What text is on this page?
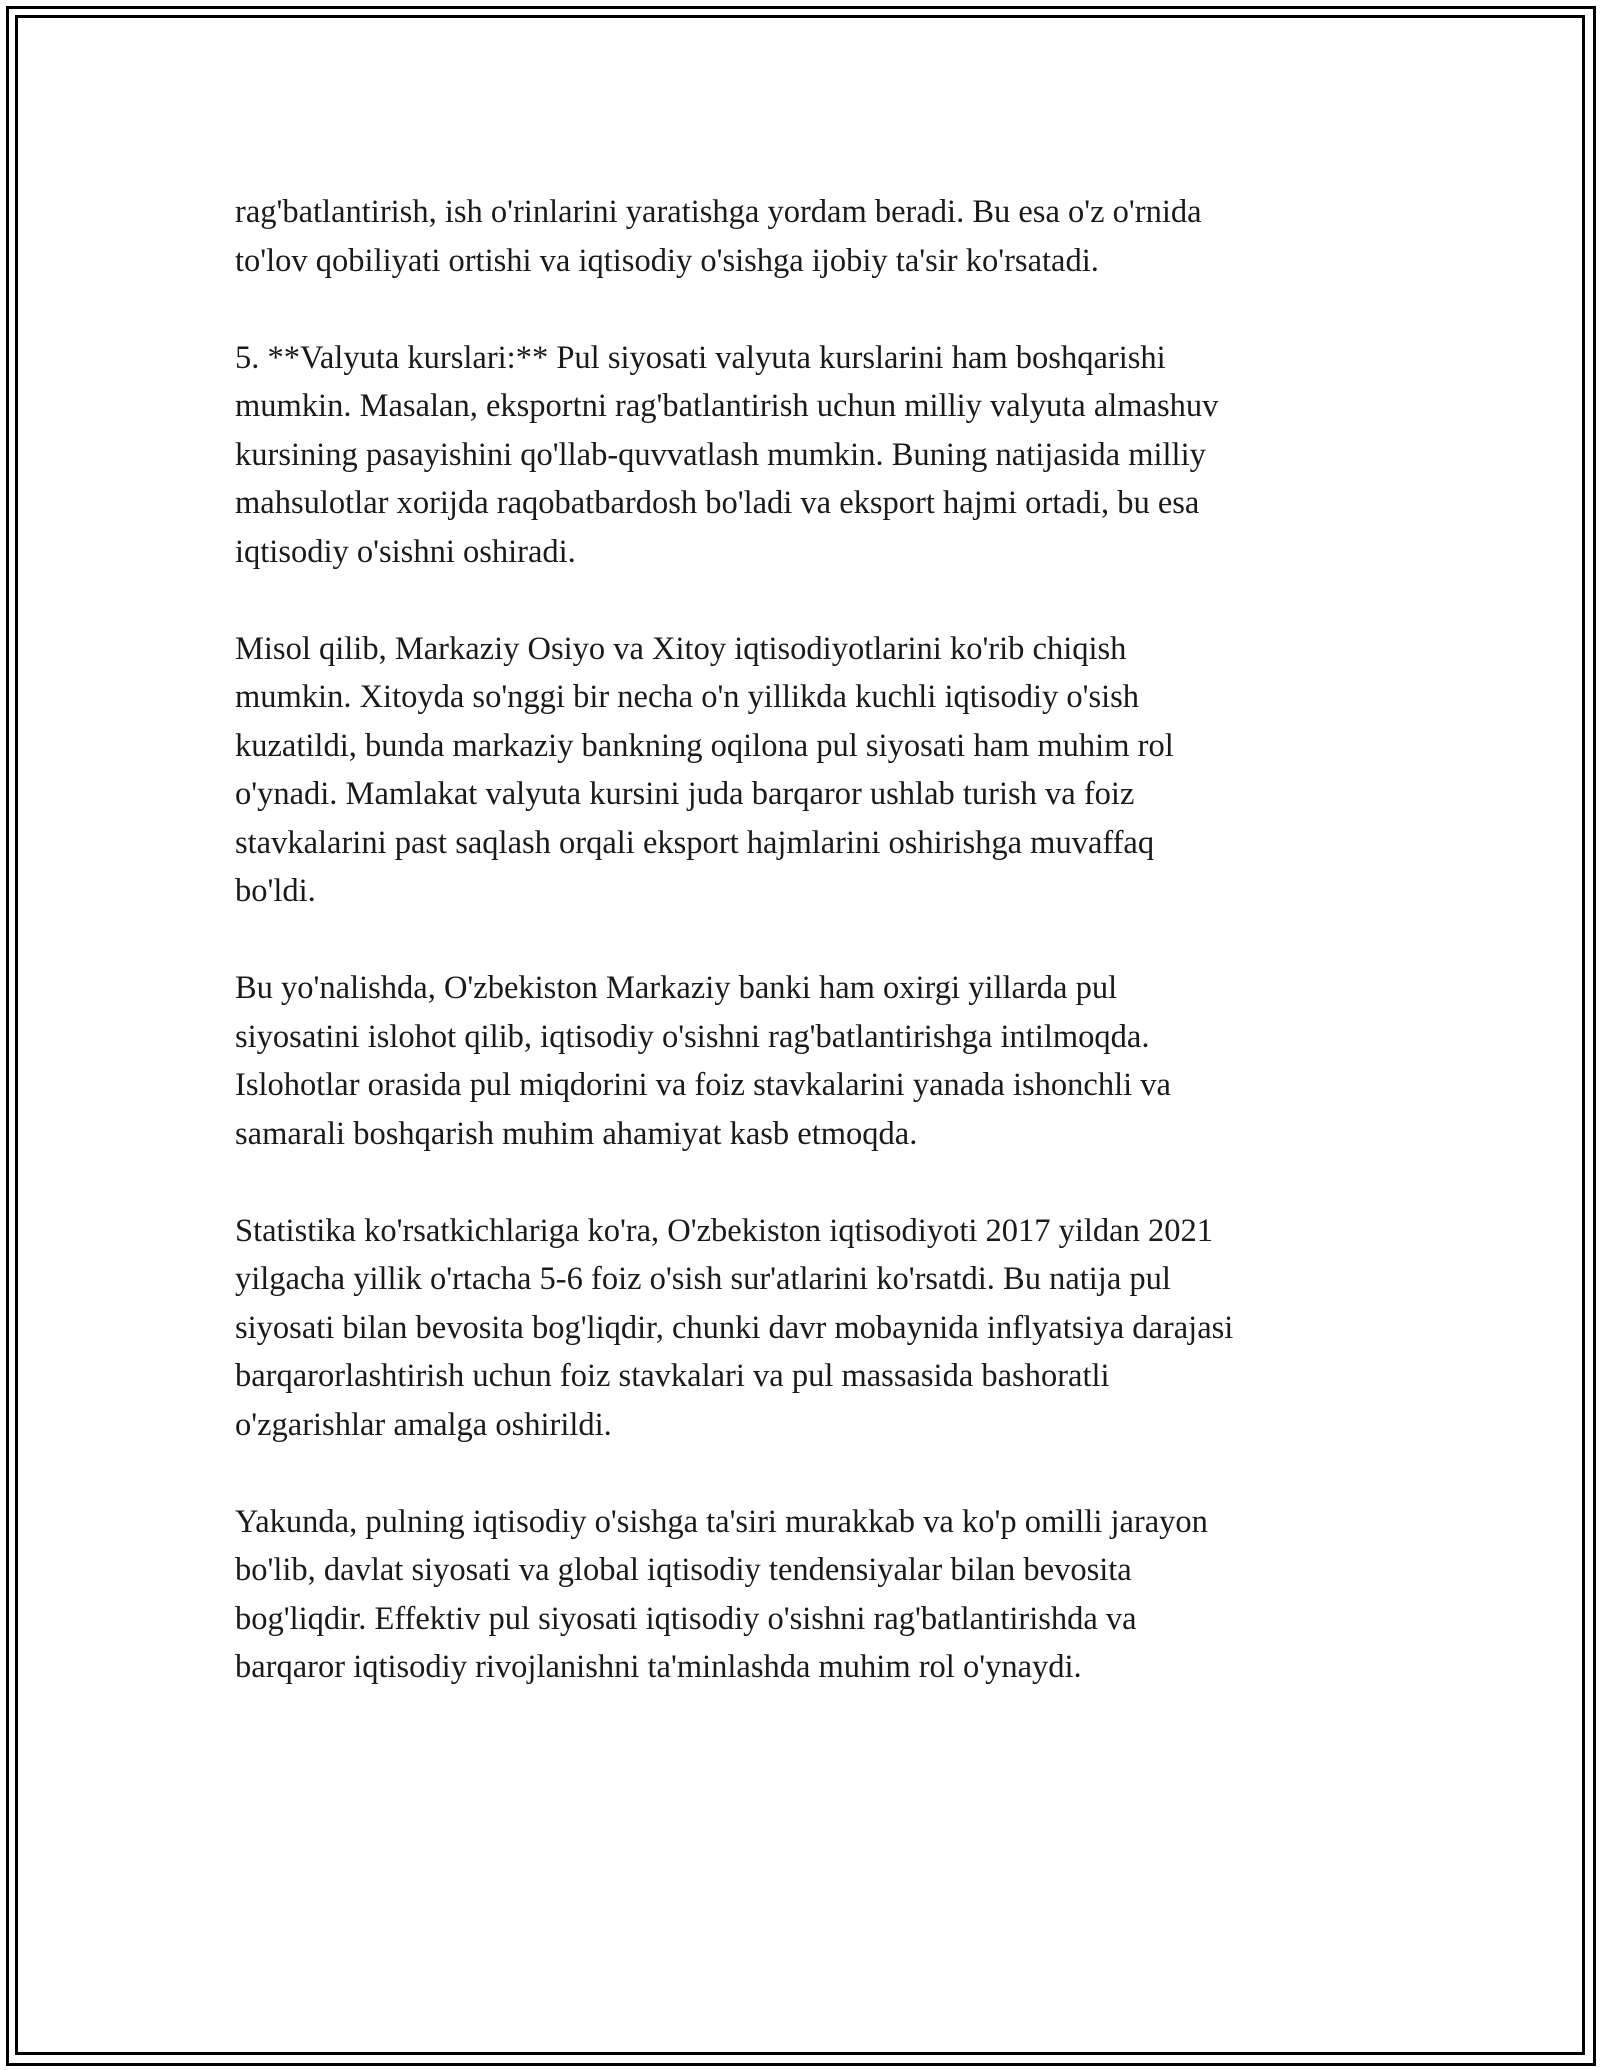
rag'batlantirish, ish o'rinlarini yaratishga yordam beradi. Bu esa o'z o'rnida
to'lov qobiliyati ortishi va iqtisodiy o'sishga ijobiy ta'sir ko'rsatadi.

5. **Valyuta kurslari:** Pul siyosati valyuta kurslarini ham boshqarishi
mumkin. Masalan, eksportni rag'batlantirish uchun milliy valyuta almashuv
kursining pasayishini qo'llab-quvvatlash mumkin. Buning natijasida milliy
mahsulotlar xorijda raqobatbardosh bo'ladi va eksport hajmi ortadi, bu esa
iqtisodiy o'sishni oshiradi.

Misol qilib, Markaziy Osiyo va Xitoy iqtisodiyotlarini ko'rib chiqish
mumkin. Xitoyda so'nggi bir necha o'n yillikda kuchli iqtisodiy o'sish
kuzatildi, bunda markaziy bankning oqilona pul siyosati ham muhim rol
o'ynadi. Mamlakat valyuta kursini juda barqaror ushlab turish va foiz
stavkalarini past saqlash orqali eksport hajmlarini oshirishga muvaffaq
bo'ldi.

Bu yo'nalishda, O'zbekiston Markaziy banki ham oxirgi yillarda pul
siyosatini islohot qilib, iqtisodiy o'sishni rag'batlantirishga intilmoqda.
Islohotlar orasida pul miqdorini va foiz stavkalarini yanada ishonchli va
samarali boshqarish muhim ahamiyat kasb etmoqda.

Statistika ko'rsatkichlariga ko'ra, O'zbekiston iqtisodiyoti 2017 yildan 2021
yilgacha yillik o'rtacha 5-6 foiz o'sish sur'atlarini ko'rsatdi. Bu natija pul
siyosati bilan bevosita bog'liqdir, chunki davr mobaynida inflyatsiya darajasi
barqarorlashtirish uchun foiz stavkalari va pul massasida bashoratli
o'zgarishlar amalga oshirildi.

Yakunda, pulning iqtisodiy o'sishga ta'siri murakkab va ko'p omilli jarayon
bo'lib, davlat siyosati va global iqtisodiy tendensiyalar bilan bevosita
bog'liqdir. Effektiv pul siyosati iqtisodiy o'sishni rag'batlantirishda va
barqaror iqtisodiy rivojlanishni ta'minlashda muhim rol o'ynaydi.
